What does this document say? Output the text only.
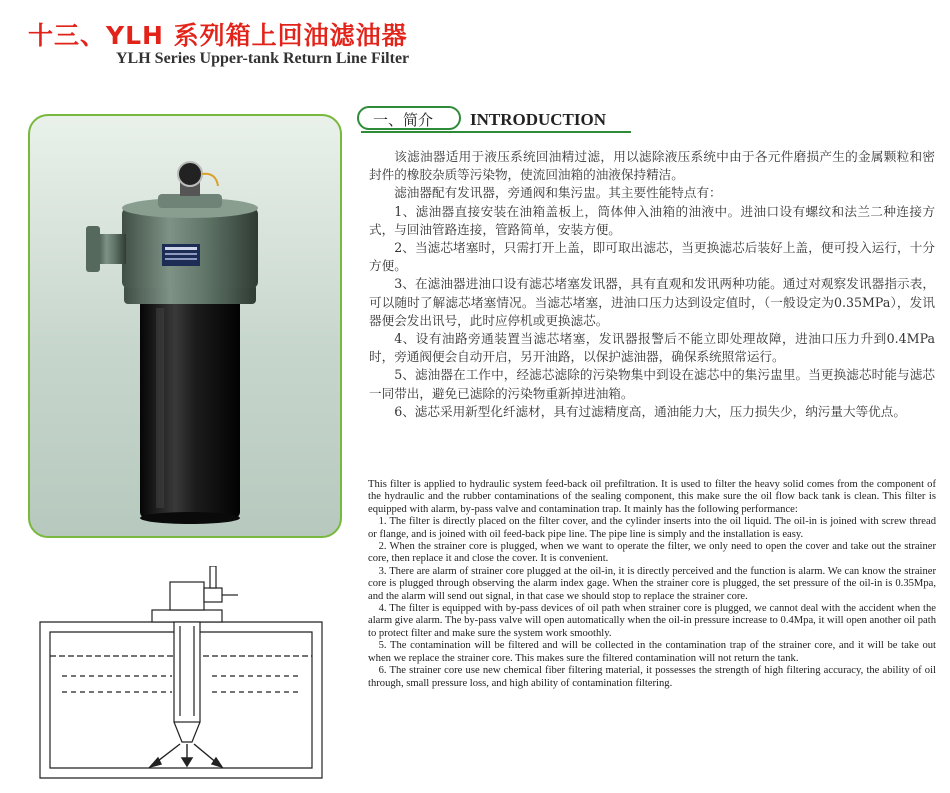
十三、YLH 系列箱上回油滤油器
YLH Series Upper-tank Return Line Filter
一、简介	INTRODUCTION

该滤油器适用于液压系统回油精过滤，用以滤除液压系统中由于各元件磨损产生的金属颗粒和密封件的橡胶杂质等污染物，使流回油箱的油液保持精洁。

滤油器配有发讯器，旁通阀和集污盅。其主要性能特点有：

1、滤油器直接安装在油箱盖板上，筒体伸入油箱的油液中。进油口设有螺纹和法兰二种连接方式，与回油管路连接，管路简单，安装方便。

2、当滤芯堵塞时，只需打开上盖，即可取出滤芯，当更换滤芯后装好上盖，便可投入运行，十分方便。

3、在滤油器进油口设有滤芯堵塞发讯器，具有直观和发讯两种功能。通过对观察发讯器指示表，可以随时了解滤芯堵塞情况。当滤芯堵塞，进油口压力达到设定值时，（一般设定为0.35MPa），发讯器便会发出讯号，此时应停机或更换滤芯。

4、设有油路旁通装置当滤芯堵塞，发讯器报警后不能立即处理故障，进油口压力升到0.4MPa时，旁通阀便会自动开启，另开油路，以保护滤油器，确保系统照常运行。

5、滤油器在工作中，经滤芯滤除的污染物集中到设在滤芯中的集污盅里。当更换滤芯时能与滤芯一同带出，避免已滤除的污染物重新掉进油箱。

6、滤芯采用新型化纤滤材，具有过滤精度高，通油能力大，压力损失少，纳污量大等优点。

This filter is applied to hydraulic system feed-back oil prefiltration. It is used to filter the heavy solid comes from the component of the hydraulic and the rubber contaminations of the sealing component, this make sure the oil flow back tank is clean. This filter is equipped with alarm, by-pass valve and contamination trap. It mainly has the following performance:

1. The filter is directly placed on the filter cover, and the cylinder inserts into the oil liquid. The oil-in is joined with screw thread or flange, and is joined with oil feed-back pipe line. The pipe line is simply and the installation is easy.

2. When the strainer core is plugged, when we want to operate the filter, we only need to open the cover and take out the strainer core, then replace it and close the cover. It is convenient.

3. There are alarm of strainer core plugged at the oil-in, it is directly perceived and the function is alarm. We can know the strainer core is plugged through observing the alarm index gage. When the strainer core is plugged, the set pressure of the oil-in is 0.35Mpa, and the alarm will send out signal, in that case we should stop to replace the strainer core.

4. The filter is equipped with by-pass devices of oil path when strainer core is plugged, we cannot deal with the accident when the alarm give alarm. The by-pass valve will open automatically when the oil-in pressure increase to 0.4Mpa, it will open another oil path to protect filter and make sure the system work smoothly.

5. The contamination will be filtered and will be collected in the contamination trap of the strainer core, and it will be take out when we replace the strainer core. This makes sure the filtered contamination will not return the tank.

6. The strainer core use new chemical fiber filtering material, it possesses the strength of high filtering accuracy, the ability of oil through, small pressure loss, and high ability of contamination filtering.
